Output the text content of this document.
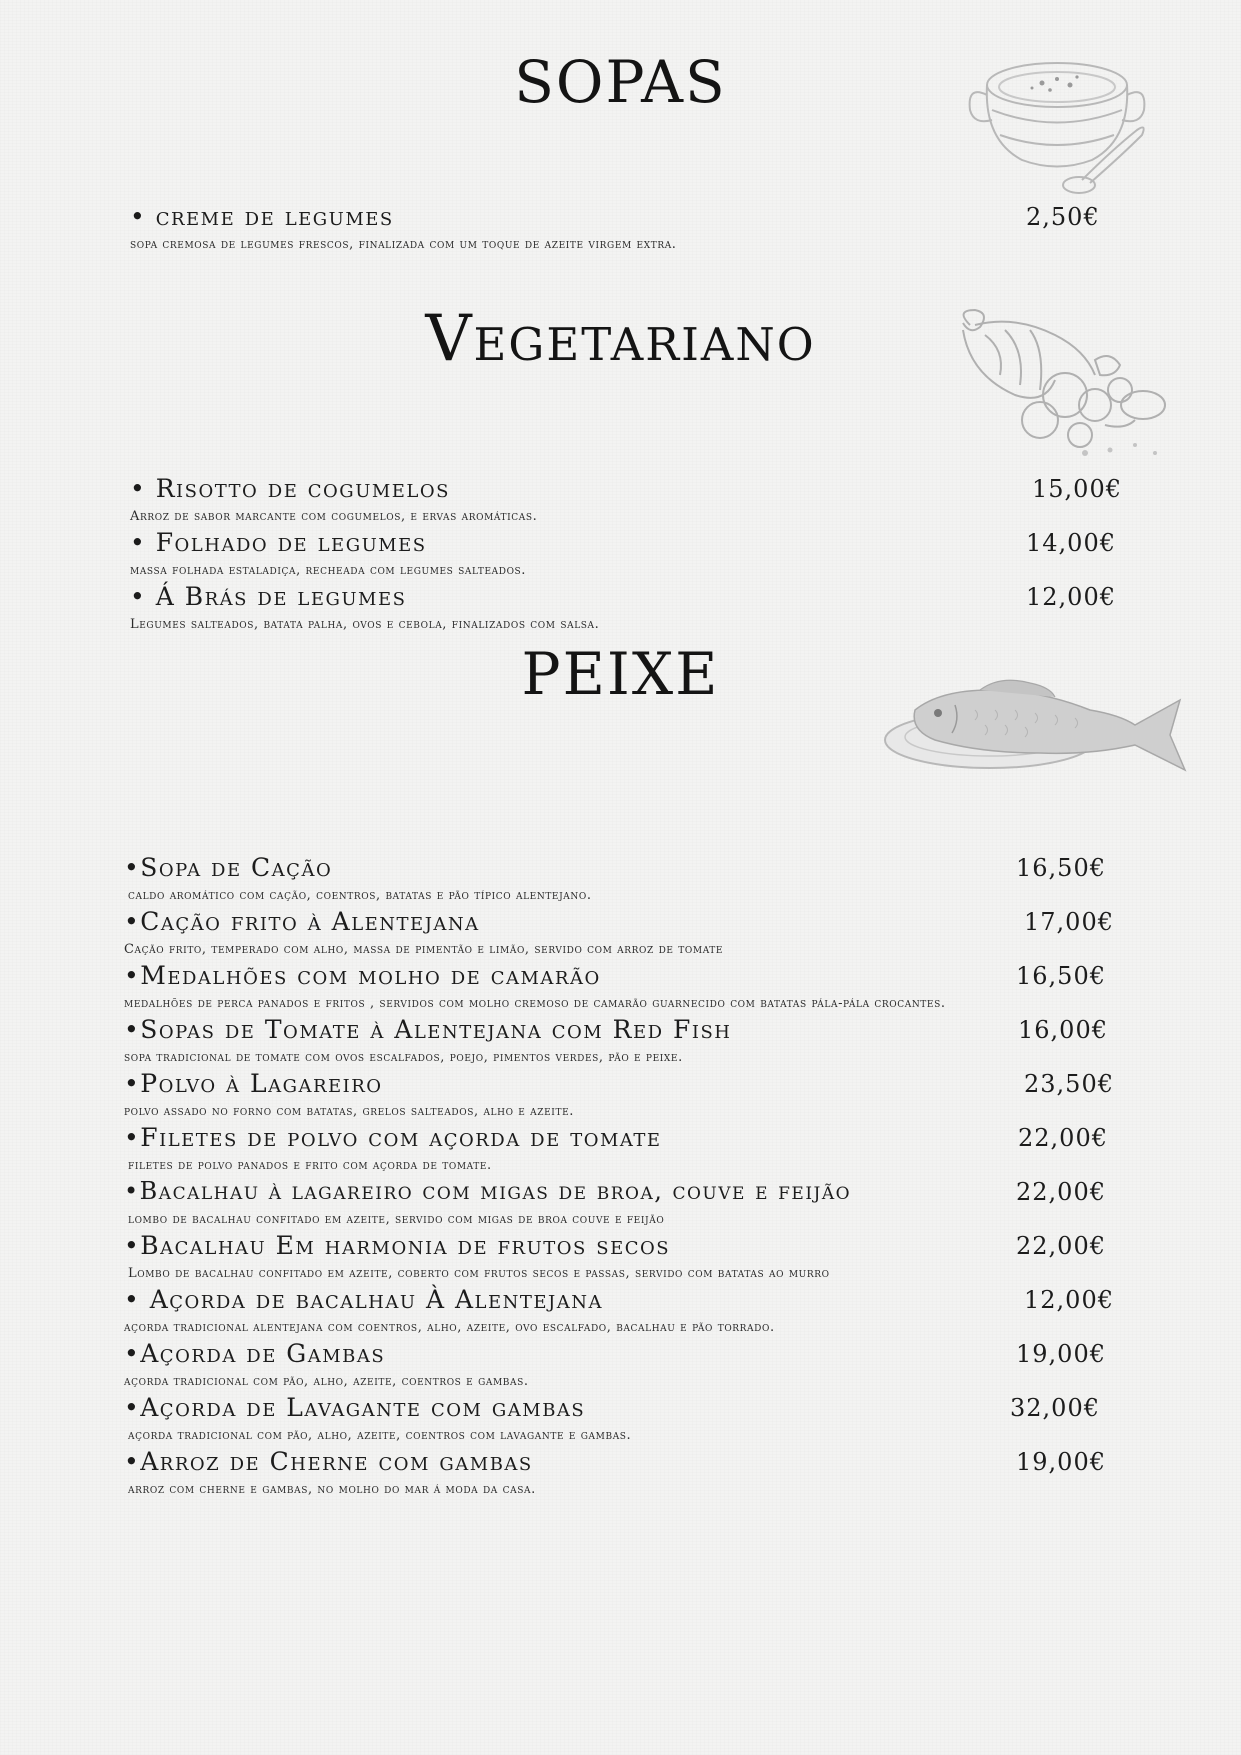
SOPAS
• creme de legumes	2,50€
sopa cremosa de legumes frescos, finalizada com um toque de azeite virgem extra.
Vegetariano
• Risotto de cogumelos	15,00€
Arroz de sabor marcante com cogumelos, e ervas aromáticas.
• Folhado de legumes	14,00€
massa folhada estaladiça, recheada com legumes salteados.
• Á Brás de legumes	12,00€
Legumes salteados, batata palha, ovos e cebola, finalizados com salsa.
PEIXE
•Sopa de Cação	16,50€
caldo aromático com cação, coentros, batatas e pão típico alentejano.
•Cação frito à Alentejana	17,00€
Cação frito, temperado com alho, massa de pimentão e limão, servido com arroz de tomate
•Medalhões com molho de camarão	16,50€
medalhões de perca panados e fritos , servidos com molho cremoso de camarão guarnecido com batatas pála-pála crocantes.
•Sopas de Tomate à Alentejana com Red Fish	16,00€
sopa tradicional de tomate com ovos escalfados, poejo, pimentos verdes, pão e peixe.
•Polvo à Lagareiro	23,50€
polvo assado no forno com batatas, grelos salteados, alho e azeite.
•Filetes de polvo com açorda de tomate	22,00€
filetes de polvo panados e frito com açorda de tomate.
•Bacalhau à lagareiro com migas de broa, couve e feijão	22,00€
lombo de bacalhau confitado em azeite, servido com migas de broa couve e feijão
•Bacalhau Em harmonia de frutos secos	22,00€
Lombo de bacalhau confitado em azeite, coberto com frutos secos e passas, servido com batatas ao murro
• Açorda de bacalhau À Alentejana	12,00€
açorda tradicional alentejana com coentros, alho, azeite, ovo escalfado, bacalhau e pão torrado.
•Açorda de Gambas	19,00€
açorda tradicional com pão, alho, azeite, coentros e gambas.
•Açorda de Lavagante com gambas	32,00€
açorda tradicional com pão, alho, azeite, coentros com lavagante e gambas.
•Arroz de Cherne com gambas	19,00€
arroz com cherne e gambas, no molho do mar á moda da casa.
